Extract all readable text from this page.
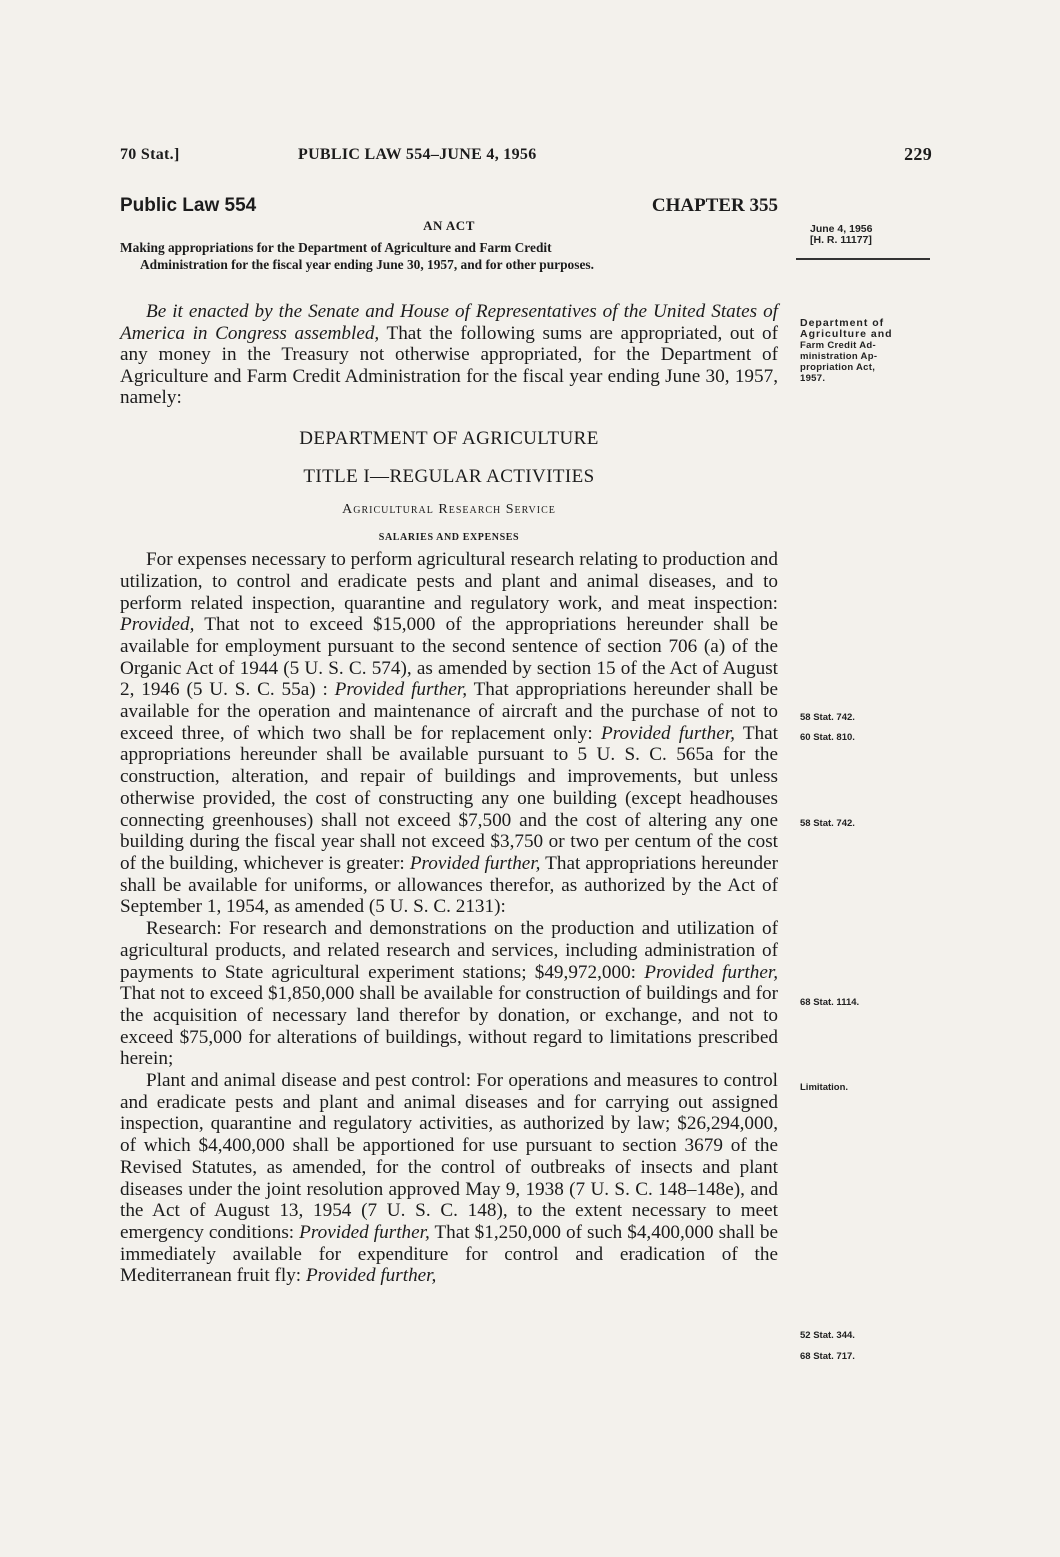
70 Stat.]	PUBLIC LAW 554–JUNE 4, 1956	229
Public Law 554	CHAPTER 355
AN ACT
Making appropriations for the Department of Agriculture and Farm Credit
Administration for the fiscal year ending June 30, 1957, and for other purposes.

Be it enacted by the Senate and House of Representatives of the United States of America in Congress assembled, That the following sums are appropriated, out of any money in the Treasury not otherwise appropriated, for the Department of Agriculture and Farm Credit Administration for the fiscal year ending June 30, 1957, namely:

DEPARTMENT OF AGRICULTURE
TITLE I—REGULAR ACTIVITIES
Agricultural Research Service
SALARIES AND EXPENSES

For expenses necessary to perform agricultural research relating to production and utilization, to control and eradicate pests and plant and animal diseases, and to perform related inspection, quarantine and regulatory work, and meat inspection: Provided, That not to exceed $15,000 of the appropriations hereunder shall be available for employment pursuant to the second sentence of section 706 (a) of the Organic Act of 1944 (5 U. S. C. 574), as amended by section 15 of the Act of August 2, 1946 (5 U. S. C. 55a) : Provided further, That appropriations hereunder shall be available for the operation and maintenance of aircraft and the purchase of not to exceed three, of which two shall be for replacement only: Provided further, That appropriations hereunder shall be available pursuant to 5 U. S. C. 565a for the construction, alteration, and repair of buildings and improvements, but unless otherwise provided, the cost of constructing any one building (except headhouses connecting greenhouses) shall not exceed $7,500 and the cost of altering any one building during the fiscal year shall not exceed $3,750 or two per centum of the cost of the building, whichever is greater: Provided further, That appropriations hereunder shall be available for uniforms, or allowances therefor, as authorized by the Act of September 1, 1954, as amended (5 U. S. C. 2131):

Research: For research and demonstrations on the production and utilization of agricultural products, and related research and services, including administration of payments to State agricultural experiment stations; $49,972,000: Provided further, That not to exceed $1,850,000 shall be available for construction of buildings and for the acquisition of necessary land therefor by donation, or exchange, and not to exceed $75,000 for alterations of buildings, without regard to limitations prescribed herein;

Plant and animal disease and pest control: For operations and measures to control and eradicate pests and plant and animal diseases and for carrying out assigned inspection, quarantine and regulatory activities, as authorized by law; $26,294,000, of which $4,400,000 shall be apportioned for use pursuant to section 3679 of the Revised Statutes, as amended, for the control of outbreaks of insects and plant diseases under the joint resolution approved May 9, 1938 (7 U. S. C. 148–148e), and the Act of August 13, 1954 (7 U. S. C. 148), to the extent necessary to meet emergency conditions: Provided further, That $1,250,000 of such $4,400,000 shall be immediately available for expenditure for control and eradication of the Mediterranean fruit fly: Provided further,

June 4, 1956
[H. R. 11177]
Department of
Agriculture and
Farm Credit Ad-
ministration Ap-
propriation Act,
1957.
58 Stat. 742.
60 Stat. 810.
58 Stat. 742.
68 Stat. 1114.
Limitation.
52 Stat. 344.
68 Stat. 717.
